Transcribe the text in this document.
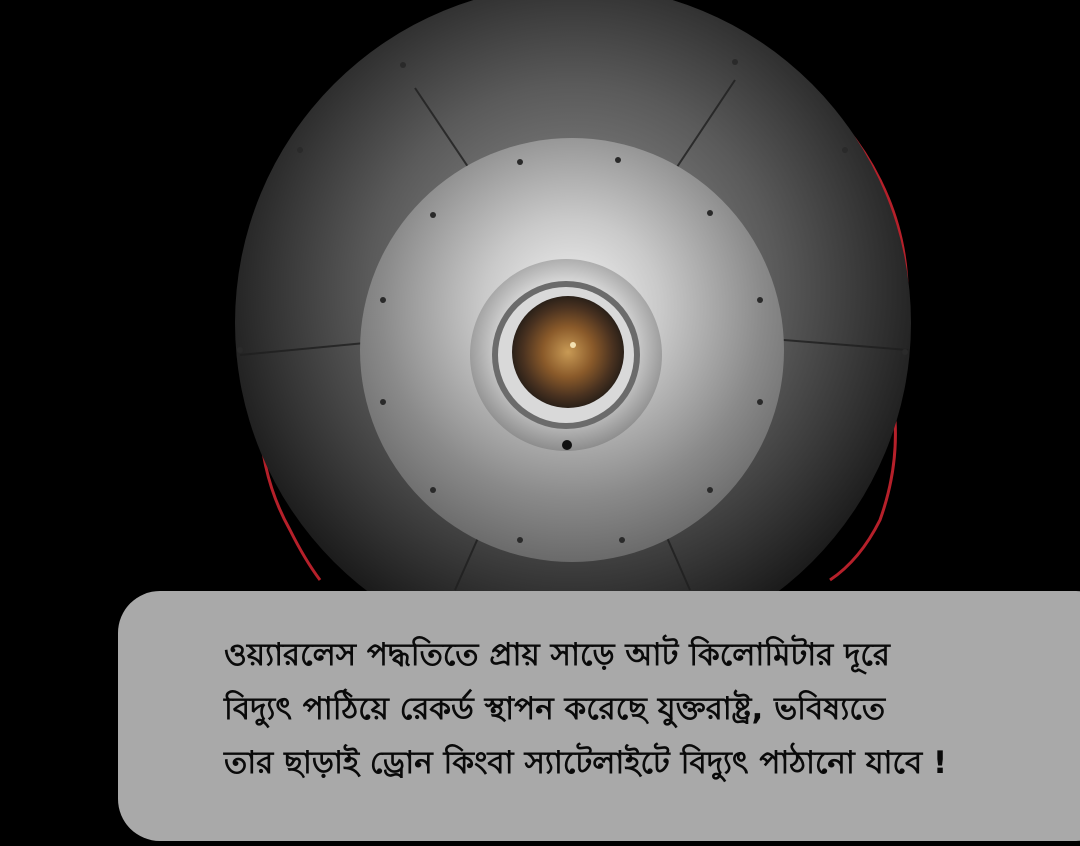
ওয়্যারলেস পদ্ধতিতে প্রায় সাড়ে আট কিলোমিটার দূরে
বিদ্যুৎ পাঠিয়ে রেকর্ড স্থাপন করেছে যুক্তরাষ্ট্র, ভবিষ্যতে
তার ছাড়াই ড্রোন কিংবা স্যাটেলাইটে বিদ্যুৎ পাঠানো যাবে !
